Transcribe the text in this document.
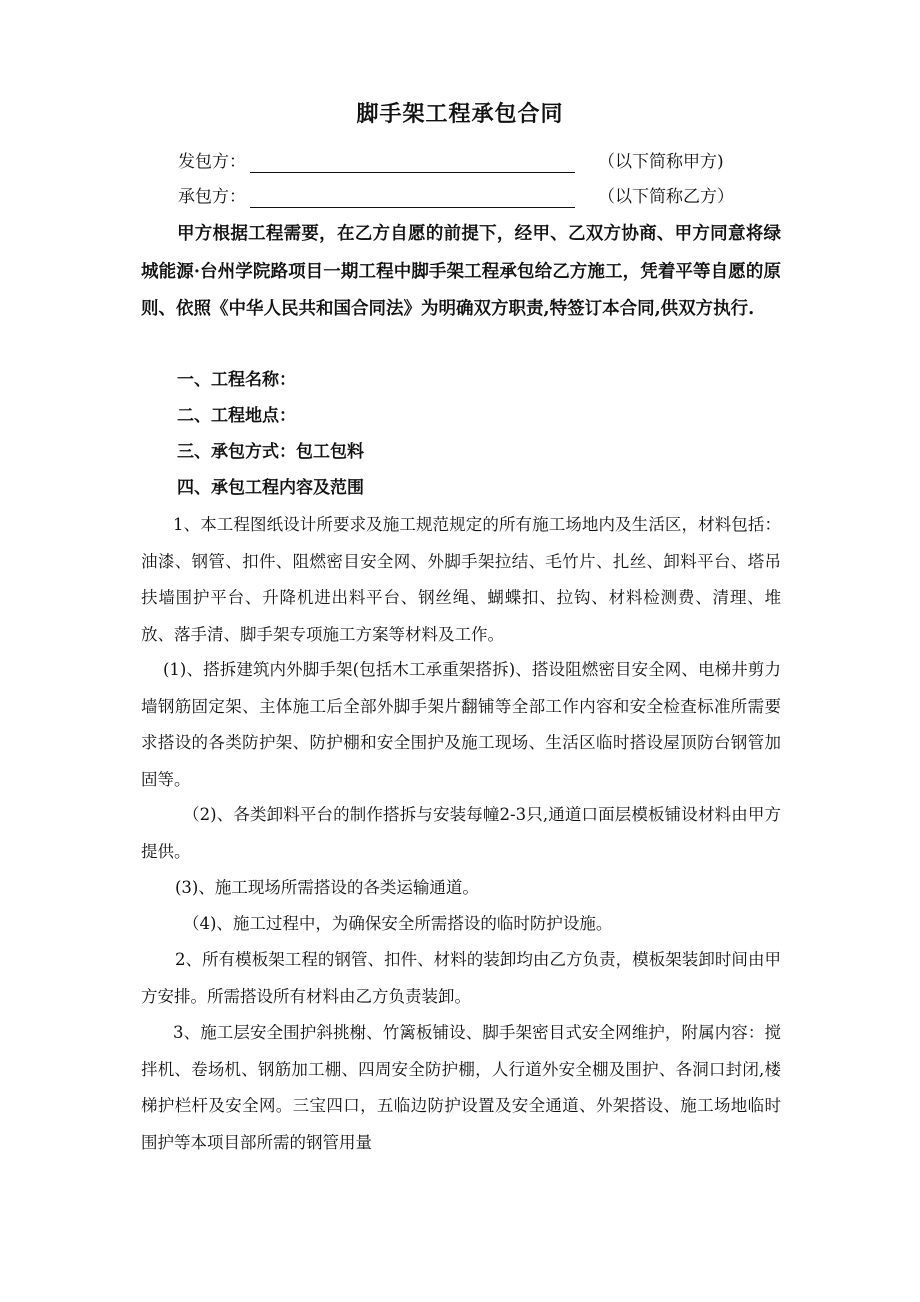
脚手架工程承包合同
发包方：	（以下简称甲方)
承包方：	（以下简称乙方）

甲方根据工程需要，在乙方自愿的前提下，经甲、乙双方协商、甲方同意将绿城能源·台州学院路项目一期工程中脚手架工程承包给乙方施工，凭着平等自愿的原则、依照《中华人民共和国合同法》为明确双方职责,特签订本合同,供双方执行.

一、工程名称：

二、工程地点：

三、承包方式：包工包料

四、承包工程内容及范围

1、本工程图纸设计所要求及施工规范规定的所有施工场地内及生活区，材料包括：油漆、钢管、扣件、阻燃密目安全网、外脚手架拉结、毛竹片、扎丝、卸料平台、塔吊扶墙围护平台、升降机进出料平台、钢丝绳、蝴蝶扣、拉钩、材料检测费、清理、堆放、落手清、脚手架专项施工方案等材料及工作。

(1)、搭拆建筑内外脚手架(包括木工承重架搭拆)、搭设阻燃密目安全网、电梯井剪力墙钢筋固定架、主体施工后全部外脚手架片翻铺等全部工作内容和安全检查标准所需要求搭设的各类防护架、防护棚和安全围护及施工现场、生活区临时搭设屋顶防台钢管加固等。

（2)、各类卸料平台的制作搭拆与安装每幢2-3只,通道口面层模板铺设材料由甲方提供。

(3)、施工现场所需搭设的各类运输通道。

（4)、施工过程中，为确保安全所需搭设的临时防护设施。

2、所有模板架工程的钢管、扣件、材料的装卸均由乙方负责，模板架装卸时间由甲方安排。所需搭设所有材料由乙方负责装卸。

3、施工层安全围护斜挑榭、竹篱板铺设、脚手架密目式安全网维护，附属内容：搅拌机、卷场机、钢筋加工棚、四周安全防护棚，人行道外安全棚及围护、各洞口封闭,楼梯护栏杆及安全网。三宝四口，五临边防护设置及安全通道、外架搭设、施工场地临时围护等本项目部所需的钢管用量
